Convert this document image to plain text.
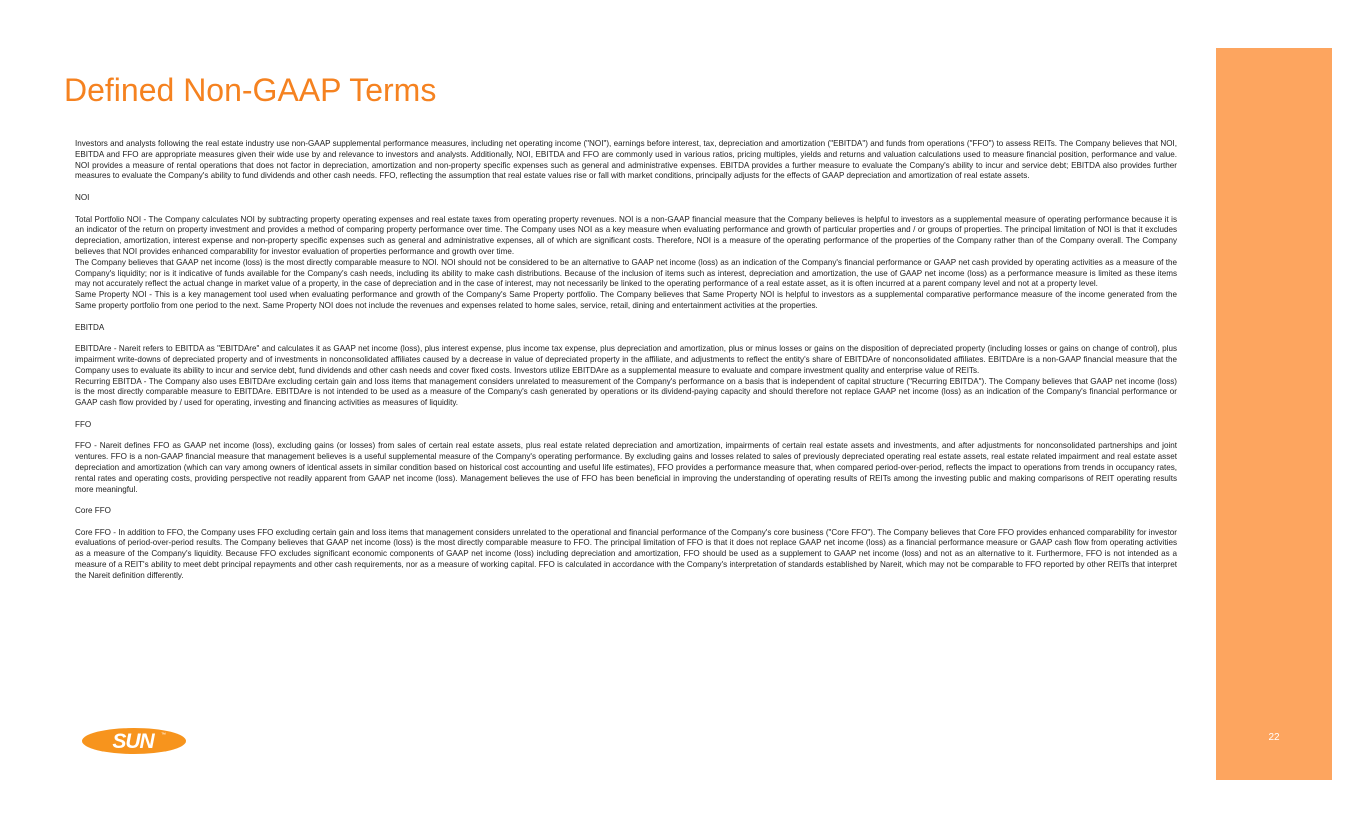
22
Defined Non-GAAP Terms

Investors and analysts following the real estate industry use non-GAAP supplemental performance measures, including net operating income ("NOI"), earnings before interest, tax, depreciation and amortization ("EBITDA") and funds from operations ("FFO") to assess REITs. The Company believes that NOI, EBITDA and FFO are appropriate measures given their wide use by and relevance to investors and analysts. Additionally, NOI, EBITDA and FFO are commonly used in various ratios, pricing multiples, yields and returns and valuation calculations used to measure financial position, performance and value. NOI provides a measure of rental operations that does not factor in depreciation, amortization and non-property specific expenses such as general and administrative expenses. EBITDA provides a further measure to evaluate the Company's ability to incur and service debt; EBITDA also provides further measures to evaluate the Company's ability to fund dividends and other cash needs. FFO, reflecting the assumption that real estate values rise or fall with market conditions, principally adjusts for the effects of GAAP depreciation and amortization of real estate assets.

NOI

Total Portfolio NOI - The Company calculates NOI by subtracting property operating expenses and real estate taxes from operating property revenues. NOI is a non-GAAP financial measure that the Company believes is helpful to investors as a supplemental measure of operating performance because it is an indicator of the return on property investment and provides a method of comparing property performance over time. The Company uses NOI as a key measure when evaluating performance and growth of particular properties and / or groups of properties. The principal limitation of NOI is that it excludes depreciation, amortization, interest expense and non-property specific expenses such as general and administrative expenses, all of which are significant costs. Therefore, NOI is a measure of the operating performance of the properties of the Company rather than of the Company overall. The Company believes that NOI provides enhanced comparability for investor evaluation of properties performance and growth over time.

The Company believes that GAAP net income (loss) is the most directly comparable measure to NOI. NOI should not be considered to be an alternative to GAAP net income (loss) as an indication of the Company's financial performance or GAAP net cash provided by operating activities as a measure of the Company's liquidity; nor is it indicative of funds available for the Company's cash needs, including its ability to make cash distributions. Because of the inclusion of items such as interest, depreciation and amortization, the use of GAAP net income (loss) as a performance measure is limited as these items may not accurately reflect the actual change in market value of a property, in the case of depreciation and in the case of interest, may not necessarily be linked to the operating performance of a real estate asset, as it is often incurred at a parent company level and not at a property level.

Same Property NOI - This is a key management tool used when evaluating performance and growth of the Company's Same Property portfolio. The Company believes that Same Property NOI is helpful to investors as a supplemental comparative performance measure of the income generated from the Same property portfolio from one period to the next. Same Property NOI does not include the revenues and expenses related to home sales, service, retail, dining and entertainment activities at the properties.

EBITDA

EBITDAre - Nareit refers to EBITDA as "EBITDAre" and calculates it as GAAP net income (loss), plus interest expense, plus income tax expense, plus depreciation and amortization, plus or minus losses or gains on the disposition of depreciated property (including losses or gains on change of control), plus impairment write-downs of depreciated property and of investments in nonconsolidated affiliates caused by a decrease in value of depreciated property in the affiliate, and adjustments to reflect the entity's share of EBITDAre of nonconsolidated affiliates. EBITDAre is a non-GAAP financial measure that the Company uses to evaluate its ability to incur and service debt, fund dividends and other cash needs and cover fixed costs. Investors utilize EBITDAre as a supplemental measure to evaluate and compare investment quality and enterprise value of REITs.

Recurring EBITDA - The Company also uses EBITDAre excluding certain gain and loss items that management considers unrelated to measurement of the Company's performance on a basis that is independent of capital structure ("Recurring EBITDA"). The Company believes that GAAP net income (loss) is the most directly comparable measure to EBITDAre. EBITDAre is not intended to be used as a measure of the Company's cash generated by operations or its dividend-paying capacity and should therefore not replace GAAP net income (loss) as an indication of the Company's financial performance or GAAP cash flow provided by / used for operating, investing and financing activities as measures of liquidity.

FFO

FFO - Nareit defines FFO as GAAP net income (loss), excluding gains (or losses) from sales of certain real estate assets, plus real estate related depreciation and amortization, impairments of certain real estate assets and investments, and after adjustments for nonconsolidated partnerships and joint ventures. FFO is a non-GAAP financial measure that management believes is a useful supplemental measure of the Company's operating performance. By excluding gains and losses related to sales of previously depreciated operating real estate assets, real estate related impairment and real estate asset depreciation and amortization (which can vary among owners of identical assets in similar condition based on historical cost accounting and useful life estimates), FFO provides a performance measure that, when compared period-over-period, reflects the impact to operations from trends in occupancy rates, rental rates and operating costs, providing perspective not readily apparent from GAAP net income (loss). Management believes the use of FFO has been beneficial in improving the understanding of operating results of REITs among the investing public and making comparisons of REIT operating results more meaningful.

Core FFO

Core FFO - In addition to FFO, the Company uses FFO excluding certain gain and loss items that management considers unrelated to the operational and financial performance of the Company's core business ("Core FFO"). The Company believes that Core FFO provides enhanced comparability for investor evaluations of period-over-period results. The Company believes that GAAP net income (loss) is the most directly comparable measure to FFO. The principal limitation of FFO is that it does not replace GAAP net income (loss) as a financial performance measure or GAAP cash flow from operating activities as a measure of the Company's liquidity. Because FFO excludes significant economic components of GAAP net income (loss) including depreciation and amortization, FFO should be used as a supplement to GAAP net income (loss) and not as an alternative to it. Furthermore, FFO is not intended as a measure of a REIT's ability to meet debt principal repayments and other cash requirements, nor as a measure of working capital. FFO is calculated in accordance with the Company's interpretation of standards established by Nareit, which may not be comparable to FFO reported by other REITs that interpret the Nareit definition differently.

SUN	™
